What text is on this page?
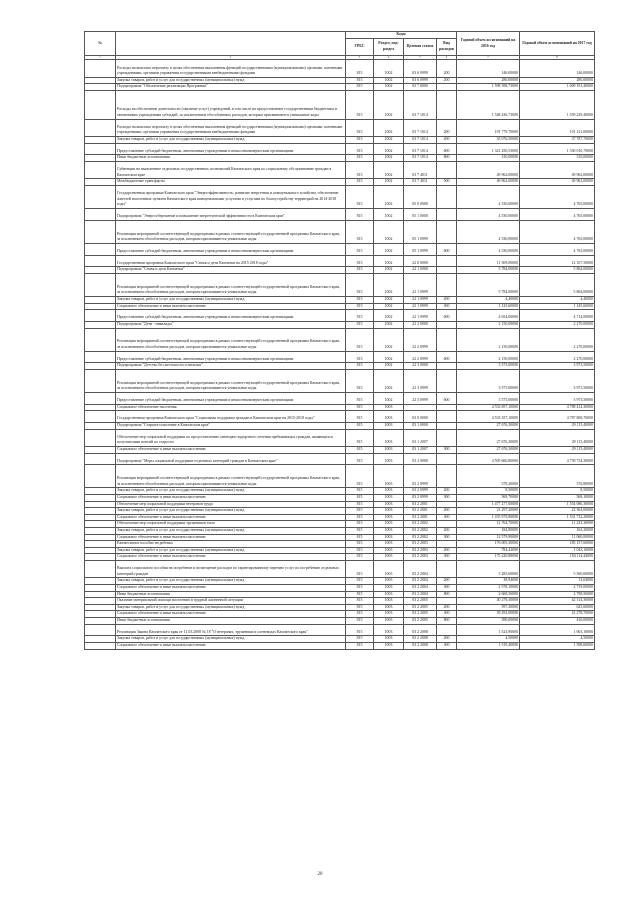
№		Коды				Годовой объем ассигнований на 2016 год	Годовой объем ассигнований на 2017 год
		ГРБС	Раздел, под-раздел	Целевая статья	Вид расходов		
1	2	3	4	5	6	7	8
	Расходы на выплаты персоналу в целях обеспечения выполнения функций государственными (муниципальными) органами, казенными учреждениями, органами управления государственными внебюджетными фондами	815	1002	03 6 0999	200	146,00000	146,00000
	Закупка товаров, работ и услуг для государственных (муниципальных) нужд	815	1002	03 6 0999	200	280,00000	280,00000
	Подпрограмма "Обеспечение реализации Программы"	815	1002	03 7 0000		1 598 398,73000	1 609 191,40000
	Расходы на обеспечение деятельности (оказание услуг) учреждений, в том числе на предоставление государственным бюджетным и автономным учреждениям субсидий, за исключением обособленных расходов, которым присваиваются уникальные коды	815	1002	03 7 1014		1 548 436,73000	1 559 229,40000
	Расходы на выплаты персоналу в целях обеспечения выполнения функций государственными (муниципальными) органами, казенными учреждениями, органами управления государственными внебюджетными фондами	815	1002	03 7 1014	200	191 779,70000	191 121,00000
	Закупка товаров, работ и услуг для государственных (муниципальных) нужд	815	1002	03 7 1014	200	35 076,50000	37 787,70000
	Предоставление субсидий бюджетным, автономным учреждениям и иным некоммерческим организациям	815	1002	03 7 1014	600	1 321 250,53000	1 330 010,70000
	Иные бюджетные ассигнования	815	1002	03 7 1014	800	310,00000	310,00000
	Субвенции на выполнение отдельных государственных полномочий Камчатского края по социальному обслуживанию граждан в Камчатском крае	815	1002	03 7 4011		49 962,00000	49 962,00000
	Межбюджетные трансферты	815	1002	03 7 4011	500	49 962,00000	49 962,00000
	Государственная программа Камчатского края "Энергоэффективность, развитие энергетики и коммунального хозяйства, обеспечение жителей населенных пунктов Камчатского края коммунальными услугами и услугами по благоустройству территорий на 2014-2018 годы"	815	1002	05 0 0000		4 530,00000	4 765,00000
	Подпрограмма "Энергосбережение и повышение энергетической эффективности в Камчатском крае"	815	1002	05 1 0000		4 530,00000	4 765,00000
	Реализация мероприятий соответствующей подпрограммы в рамках соответствующей государственной программы Камчатского края, за исключением обособленных расходов, которым присваиваются уникальные коды	815	1002	05 1 0999		4 530,00000	4 765,00000
	Предоставление субсидий бюджетным, автономным учреждениям и иным некоммерческим организациям	815	1002	05 1 0999	600	4 530,00000	4 765,00000
	Государственная программа Камчатского края "Семья и дети Камчатки на 2015-2018 годы"	815	1002	22 0 0000		11 509,00000	12 107,50000
	Подпрограмма "Семья и дети Камчатки"	815	1002	22 1 0000		5 784,00000	5 864,00000
	Реализация мероприятий соответствующей подпрограммы в рамках соответствующей государственной программы Камчатского края, за исключением обособленных расходов, которым присваиваются уникальные коды	815	1002	22 1 0999		5 784,00000	5 864,00000
	Закупка товаров, работ и услуг для государственных (муниципальных) нужд	815	1002	22 1 0999	200	4,40000	4,40000
	Социальное обеспечение и иные выплаты населению	815	1002	22 1 0999	300	1 125,60000	1 145,60000
	Предоставление субсидий бюджетным, автономным учреждениям и иным некоммерческим организациям	815	1002	22 1 0999	600	4 654,00000	4 714,00000
	Подпрограмма "Дети - инвалиды"	815	1002	22 2 0000		2 150,00000	2 270,00000
	Реализация мероприятий соответствующей подпрограммы в рамках соответствующей государственной программы Камчатского края, за исключением обособленных расходов, которым присваиваются уникальные коды	815	1002	22 2 0999		2 150,00000	2 270,00000
	Предоставление субсидий бюджетным, автономным учреждениям и иным некоммерческим организациям	815	1002	22 2 0999	600	2 150,00000	2 270,00000
	Подпрограмма "Детство без жестокости и насилия"	815	1002	22 3 0000		3 575,00000	3 973,50000
	Реализация мероприятий соответствующей подпрограммы в рамках соответствующей государственной программы Камчатского края, за исключением обособленных расходов, которым присваиваются уникальные коды	815	1002	22 3 0999		3 575,00000	3 973,50000
	Предоставление субсидий бюджетным, автономным учреждениям и иным некоммерческим организациям	815	1002	22 3 0999	600	3 575,00000	3 973,50000
	Социальное обеспечение населения	815	1003			4 533 857,10000	4 788 414,30000
	Государственная программа Камчатского края "Социальная поддержка граждан в Камчатском крае на 2015-2018 годы"	815	1003	03 0 0000		4 533 357,10000	4 787 869,70000
	Подпрограмма "Старшее поколение в Камчатском крае"	815	1003	03 1 0000		27 676,30000	29 115,40000
	Обеспечение мер социальной поддержки по предоставлению санаторно-курортного лечения пребывающих граждан, являющихся получателями пенсий по старости	815	1003	03 1 2007		27 676,30000	29 115,40000
	Социальное обеспечение и иные выплаты населению	815	1003	03 1 2007	300	27 676,30000	29 115,40000
	Подпрограмма "Меры социальной поддержки отдельных категорий граждан в Камчатском крае"	815	1003	03 2 0000		4 505 660,80000	4 758 754,30000
	Реализация мероприятий соответствующей подпрограммы в рамках соответствующей государственной программы Камчатского края, за исключением обособленных расходов, которым присваиваются уникальные коды	815	1003	03 2 0999		578,20000	576,80000
	Закупка товаров, работ и услуг для государственных (муниципальных) нужд	815	1003	03 2 0999	200	8,50000	8,50000
	Социальное обеспечение и иные выплаты населению	815	1003	03 2 0999	300	569,70000	568,10000
	Обеспечение мер социальной поддержки ветеранов труда	815	1003	03 2 2001		1 477 277,00000	1 554 086,30000
	Закупка товаров, работ и услуг для государственных (муниципальных) нужд	815	1003	03 2 2001	200	21 297,20000	22 363,00000
	Социальное обеспечение и иные выплаты населению	815	1003	03 2 2001	300	1 455 979,80000	1 531 732,20000
	Обеспечение мер социальной поддержки тружеников тыла	815	1003	03 2 2002		12 764,70000	11 223,30000
	Закупка товаров, работ и услуг для государственных (муниципальных) нужд	815	1003	03 2 2002	200	184,80000	163,20000
	Социальное обеспечение и иные выплаты населению	815	1003	03 2 2002	300	12 579,90000	11 060,00000
	Ежемесячное пособие на ребенка	815	1003	03 2 2003		176 005,30000	185 157,60000
	Закупка товаров, работ и услуг для государственных (муниципальных) нужд	815	1003	03 2 2003	200	784,42000	1 043,16000
	Социальное обеспечение и иные выплаты населению	815	1003	03 2 2003	300	175 220,88000	184 114,44000
	Выплата социального пособия на погребение и возмещение расходов по гарантированному перечню услуг по погребению отдельных категорий граждан	815	1003	03 2 2004		5 285,60000	5 560,60000
	Закупка товаров, работ и услуг для государственных (муниципальных) нужд	815	1003	03 2 2004	200	38,94000	13,04000
	Социальное обеспечение и иные выплаты населению	815	1003	03 2 2004	300	2 578,10000	2 719,00000
	Иные бюджетные ассигнования	815	1003	03 2 2004	800	2 668,56000	2 798,56000
	Оказание материальной помощи населению в трудной жизненной ситуации	815	1003	03 2 2005		40 279,30000	42 314,30000
	Закупка товаров, работ и услуг для государственных (муниципальных) нужд	815	1003	03 2 2005	200	597,30000	625,60000
	Социальное обеспечение и иные выплаты населению	815	1003	03 2 2005	300	39 292,00000	41 278,70000
	Иные бюджетные ассигнования	815	1003	03 2 2005	800	390,00000	410,00000
	Реализация Закона Камчатского края от 11.03.2008 № 18 "О ветеранах, труженики и оленеводах Камчатского края"	815	1003	03 2 2008		1 523,90000	1 603,10000
	Закупка товаров, работ и услуг для государственных (муниципальных) нужд	815	1003	03 2 2008	200	4,50000	4,50000
	Социальное обеспечение и иные выплаты населению	815	1003	03 2 2008	300	1 519,40000	1 598,60000
20
